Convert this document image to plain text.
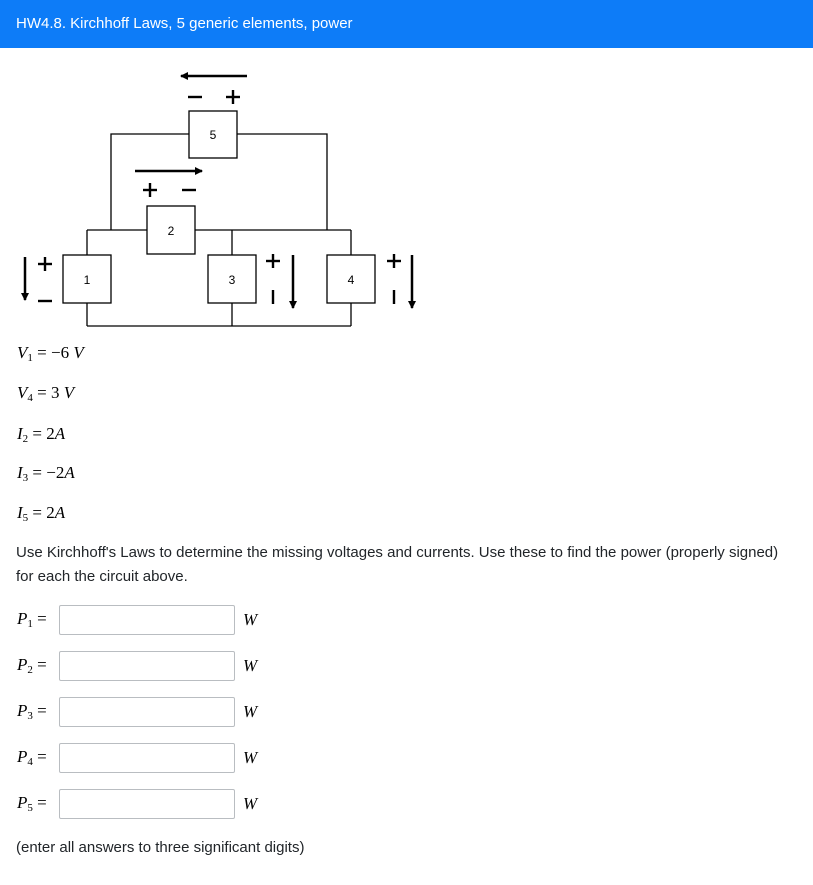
HW4.8. Kirchhoff Laws, 5 generic elements, power
5
2
1	3	4
$V_1 = -6$ V
$V_4 = 3$ V
$I_2 = 2A$
$I_3 = -2A$
$I_5 = 2A$
Use Kirchhoff's Laws to determine the missing voltages and currents. Use these to find the power (properly signed) for each the circuit above.
$P_1$ =	W
$P_2$ =	W
$P_3$ =	W
$P_4$ =	W
$P_5$ =	W
(enter all answers to three significant digits)
